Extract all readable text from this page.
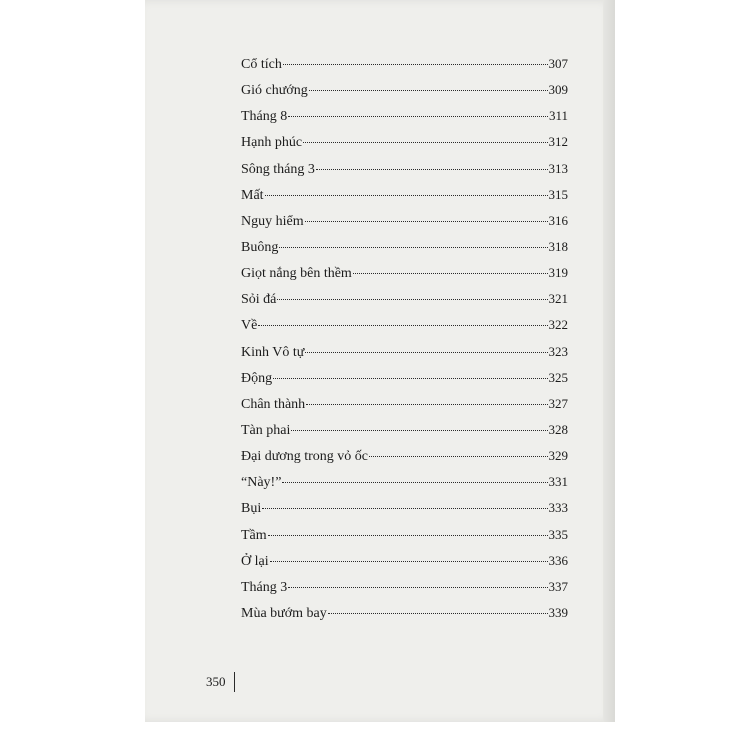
Cổ tích	307
Gió chướng	309
Tháng 8	311
Hạnh phúc	312
Sông tháng 3	313
Mất	315
Nguy hiểm	316
Buông	318
Giọt nắng bên thềm	319
Sỏi đá	321
Về	322
Kinh Vô tự	323
Động	325
Chân thành	327
Tàn phai	328
Đại dương trong vỏ ốc	329
“Này!”	331
Bụi	333
Tầm	335
Ở lại	336
Tháng 3	337
Mùa bướm bay	339
350
